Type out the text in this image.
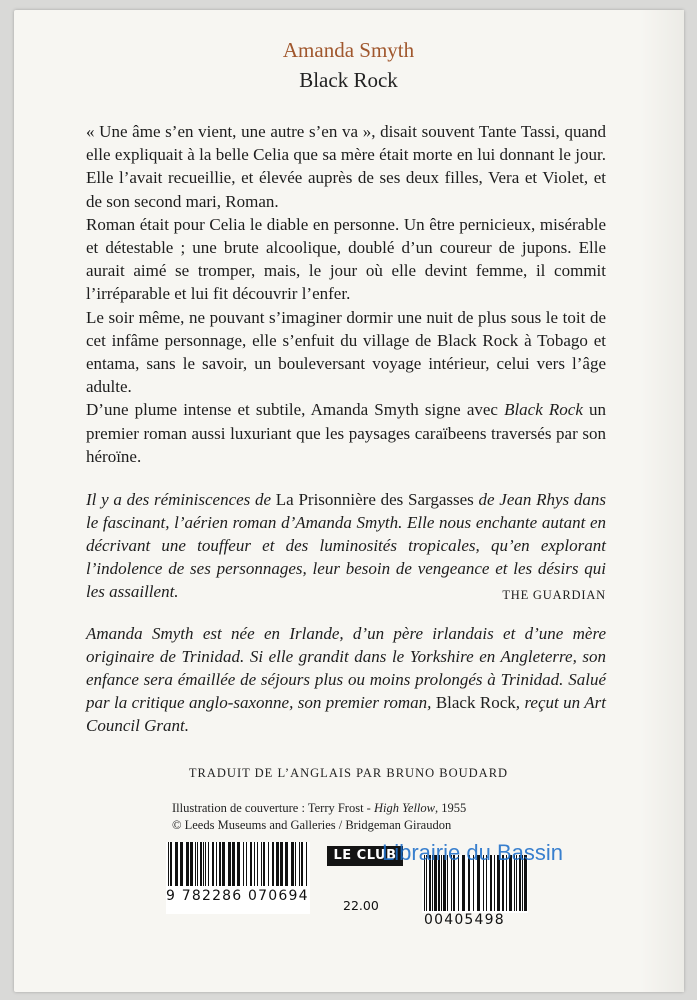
Amanda Smyth
Black Rock

« Une âme s’en vient, une autre s’en va », disait souvent Tante Tassi, quand elle expliquait à la belle Celia que sa mère était morte en lui donnant le jour. Elle l’avait recueillie, et élevée auprès de ses deux filles, Vera et Violet, et de son second mari, Roman.

Roman était pour Celia le diable en personne. Un être pernicieux, misérable et détestable ; une brute alcoolique, doublé d’un coureur de jupons. Elle aurait aimé se tromper, mais, le jour où elle devint femme, il commit l’irréparable et lui fit découvrir l’enfer.

Le soir même, ne pouvant s’imaginer dormir une nuit de plus sous le toit de cet infâme personnage, elle s’enfuit du village de Black Rock à Tobago et entama, sans le savoir, un bouleversant voyage intérieur, celui vers l’âge adulte.

D’une plume intense et subtile, Amanda Smyth signe avec Black Rock un premier roman aussi luxuriant que les paysages caraïbeens traversés par son héroïne.

Il y a des réminiscences de La Prisonnière des Sargasses de Jean Rhys dans le fascinant, l’aérien roman d’Amanda Smyth. Elle nous enchante autant en décrivant une touffeur et des luminosités tropicales, qu’en explorant l’indolence de ses personnages, leur besoin de vengeance et les désirs qui les assaillent.	THE GUARDIAN
Amanda Smyth est née en Irlande, d’un père irlandais et d’une mère originaire de Trinidad. Si elle grandit dans le Yorkshire en Angleterre, son enfance sera émaillée de séjours plus ou moins prolongés à Trinidad. Salué par la critique anglo-saxonne, son premier roman, Black Rock, reçut un Art Council Grant.
TRADUIT DE L’ANGLAIS PAR BRUNO BOUDARD
Illustration de couverture : Terry Frost - High Yellow, 1955
© Leeds Museums and Galleries / Bridgeman Giraudon
9 782286 070694
LE CLUB
22.00
00405498
Librairie du Bassin
